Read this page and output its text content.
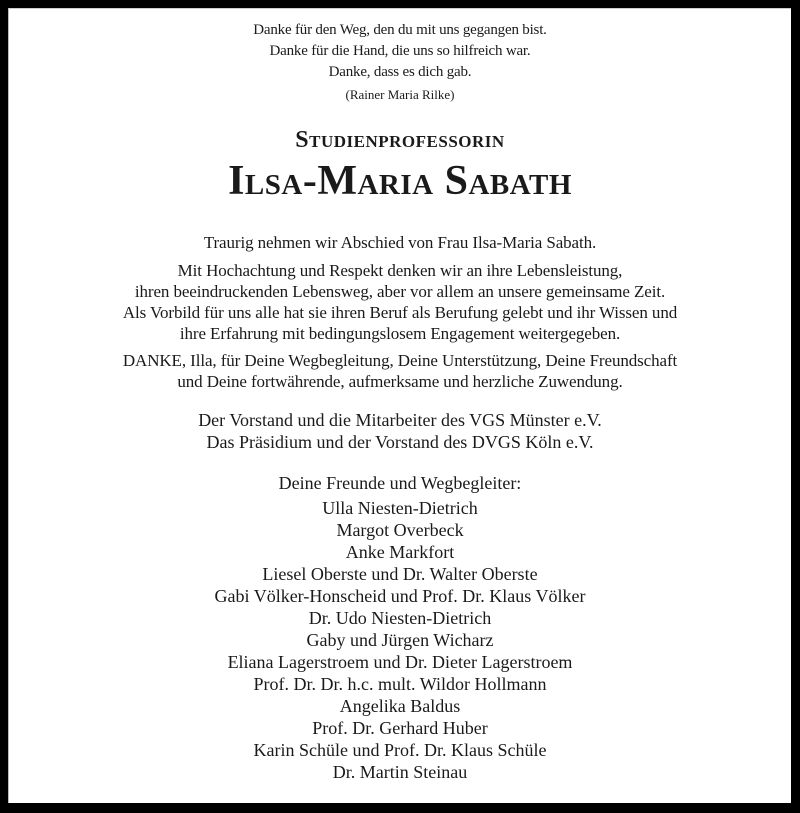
Danke für den Weg, den du mit uns gegangen bist.
Danke für die Hand, die uns so hilfreich war.
Danke, dass es dich gab.
(Rainer Maria Rilke)
Studienprofessorin
Ilsa-Maria Sabath
Traurig nehmen wir Abschied von Frau Ilsa-Maria Sabath.
Mit Hochachtung und Respekt denken wir an ihre Lebensleistung,
ihren beeindruckenden Lebensweg, aber vor allem an unsere gemeinsame Zeit.
Als Vorbild für uns alle hat sie ihren Beruf als Berufung gelebt und ihr Wissen und
ihre Erfahrung mit bedingungslosem Engagement weitergegeben.
DANKE, Illa, für Deine Wegbegleitung, Deine Unterstützung, Deine Freundschaft
und Deine fortwährende, aufmerksame und herzliche Zuwendung.
Der Vorstand und die Mitarbeiter des VGS Münster e.V.
Das Präsidium und der Vorstand des DVGS Köln e.V.
Deine Freunde und Wegbegleiter:
Ulla Niesten-Dietrich
Margot Overbeck
Anke Markfort
Liesel Oberste und Dr. Walter Oberste
Gabi Völker-Honscheid und Prof. Dr. Klaus Völker
Dr. Udo Niesten-Dietrich
Gaby und Jürgen Wicharz
Eliana Lagerstroem und Dr. Dieter Lagerstroem
Prof. Dr. Dr. h.c. mult. Wildor Hollmann
Angelika Baldus
Prof. Dr. Gerhard Huber
Karin Schüle und Prof. Dr. Klaus Schüle
Dr. Martin Steinau
